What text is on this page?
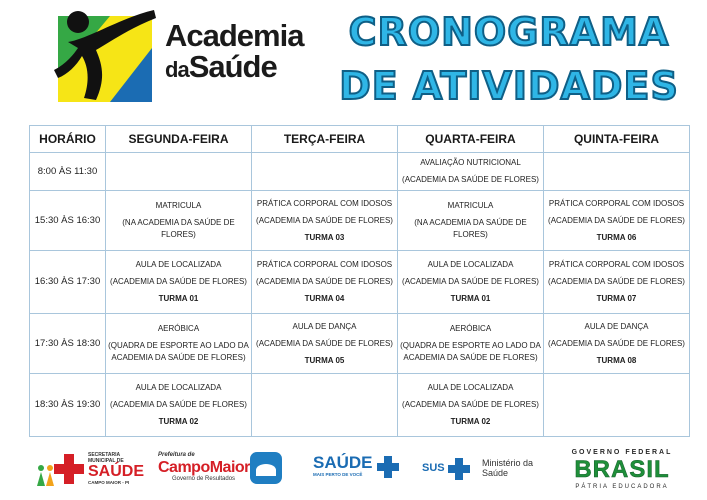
Academia
daSaúde
CRONOGRAMA
DE ATIVIDADES
HORÁRIO	SEGUNDA-FEIRA	TERÇA-FEIRA	QUARTA-FEIRA	QUINTA-FEIRA
8:00 ÀS 11:30			AVALIAÇÃO NUTRICIONAL
(ACADEMIA DA SAÚDE DE FLORES)	

15:30 ÀS 16:30	MATRICULA
(NA ACADEMIA DA SAÚDE DE FLORES)	PRÁTICA CORPORAL COM IDOSOS
(ACADEMIA DA SAÚDE DE FLORES)
TURMA 03	MATRICULA
(NA ACADEMIA DA SAÚDE DE FLORES)	PRÁTICA CORPORAL COM IDOSOS
(ACADEMIA DA SAÚDE DE FLORES)
TURMA 06

16:30 ÀS 17:30	AULA DE LOCALIZADA
(ACADEMIA DA SAÚDE DE FLORES)
TURMA 01	PRÁTICA CORPORAL COM IDOSOS
(ACADEMIA DA SAÚDE DE FLORES)
TURMA 04	AULA DE LOCALIZADA
(ACADEMIA DA SAÚDE DE FLORES)
TURMA 01	PRÁTICA CORPORAL COM IDOSOS
(ACADEMIA DA SAÚDE DE FLORES)
TURMA 07

17:30 ÀS 18:30	AERÓBICA
(QUADRA DE ESPORTE AO LADO DA ACADEMIA DA SAÚDE DE FLORES)	AULA DE DANÇA
(ACADEMIA DA SAÚDE DE FLORES)
TURMA 05	AERÓBICA
(QUADRA DE ESPORTE AO LADO DA ACADEMIA DA SAÚDE DE FLORES)	AULA DE DANÇA
(ACADEMIA DA SAÚDE DE FLORES)
TURMA 08

18:30 ÀS 19:30	AULA DE LOCALIZADA
(ACADEMIA DA SAÚDE DE FLORES)
TURMA 02		AULA DE LOCALIZADA
(ACADEMIA DA SAÚDE DE FLORES)
TURMA 02	

SECRETARIA MUNICIPAL DE
SAÚDE
CAMPO MAIOR - PI
Prefeitura de
CampoMaior
Governo de Resultados
SAÚDE
MAIS PERTO DE VOCÊ
SUS	Ministério da
Saúde
GOVERNO FEDERAL
BRASIL
PÁTRIA EDUCADORA
